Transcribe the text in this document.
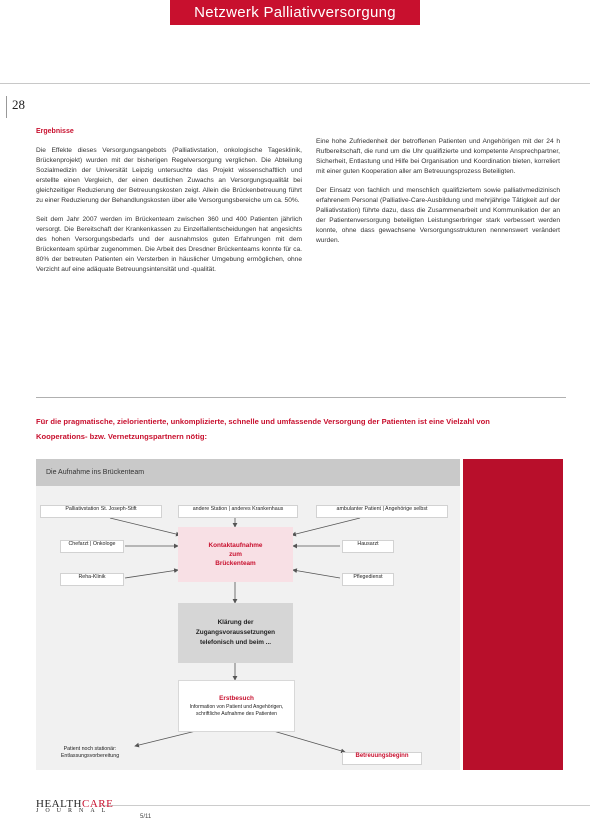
Netzwerk Palliativversorgung
28

Ergebnisse

Die Effekte dieses Versorgungsangebots (Palliativstation, onkologische Tagesklinik, Brückenprojekt) wurden mit der bisherigen Regelversorgung verglichen. Die Abteilung Sozialmedizin der Universität Leipzig untersuchte das Projekt wissenschaftlich und erstellte einen Vergleich, der einen deutlichen Zuwachs an Versorgungsqualität bei gleichzeitiger Reduzierung der Betreuungskosten zeigt. Allein die Brückenbetreuung führt zu einer Reduzierung der Behandlungskosten über alle Versorgungsbereiche um ca. 50%.

Seit dem Jahr 2007 werden im Brückenteam zwischen 360 und 400 Patienten jährlich versorgt. Die Bereitschaft der Krankenkassen zu Einzelfallentscheidungen hat angesichts des hohen Versorgungsbedarfs und der ausnahmslos guten Erfahrungen mit dem Brückenteam spürbar zugenommen. Die Arbeit des Dresdner Brückenteams konnte für ca. 80% der betreuten Patienten ein Versterben in häuslicher Umgebung ermöglichen, ohne Verzicht auf eine adäquate Betreuungsintensität und -qualität.

Eine hohe Zufriedenheit der betroffenen Patienten und Angehörigen mit der 24 h Rufbereitschaft, die rund um die Uhr qualifizierte und kompetente Ansprechpartner, Sicherheit, Entlastung und Hilfe bei Organisation und Koordination bieten, korreliert mit einer guten Kooperation aller am Betreuungsprozess Beteiligten.

Der Einsatz von fachlich und menschlich qualifiziertem sowie palliativmedizinisch erfahrenem Personal (Palliative-Care-Ausbildung und mehrjährige Tätigkeit auf der Palliativstation) führte dazu, dass die Zusammenarbeit und Kommunikation der an der Patientenversorgung beteiligten Leistungserbringer stark verbessert werden konnte, ohne dass gewachsene Versorgungsstrukturen nennenswert verändert wurden.

Für die pragmatische, zielorientierte, unkomplizierte, schnelle und umfassende Versorgung der Patienten ist eine Vielzahl von Kooperations- bzw. Vernetzungspartnern nötig:
Die Aufnahme ins Brückenteam
Palliativstation St. Joseph-Stift	andere Station | anderes Krankenhaus	ambulanter Patient | Angehörige selbst
Chefarzt | Onkologe
Reha-Klinik
Hausarzt
Pflegedienst
Kontaktaufnahme
zum
Brückenteam
Klärung der
Zugangsvoraussetzungen
telefonisch und beim ...
Erstbesuch
Information von Patient und Angehörigen, schriftliche Aufnahme des Patienten
Patient noch stationär:
Entlassungsvorbereitung	Betreuungsbeginn
HEALTHCARE
JOURNAL
5/11
